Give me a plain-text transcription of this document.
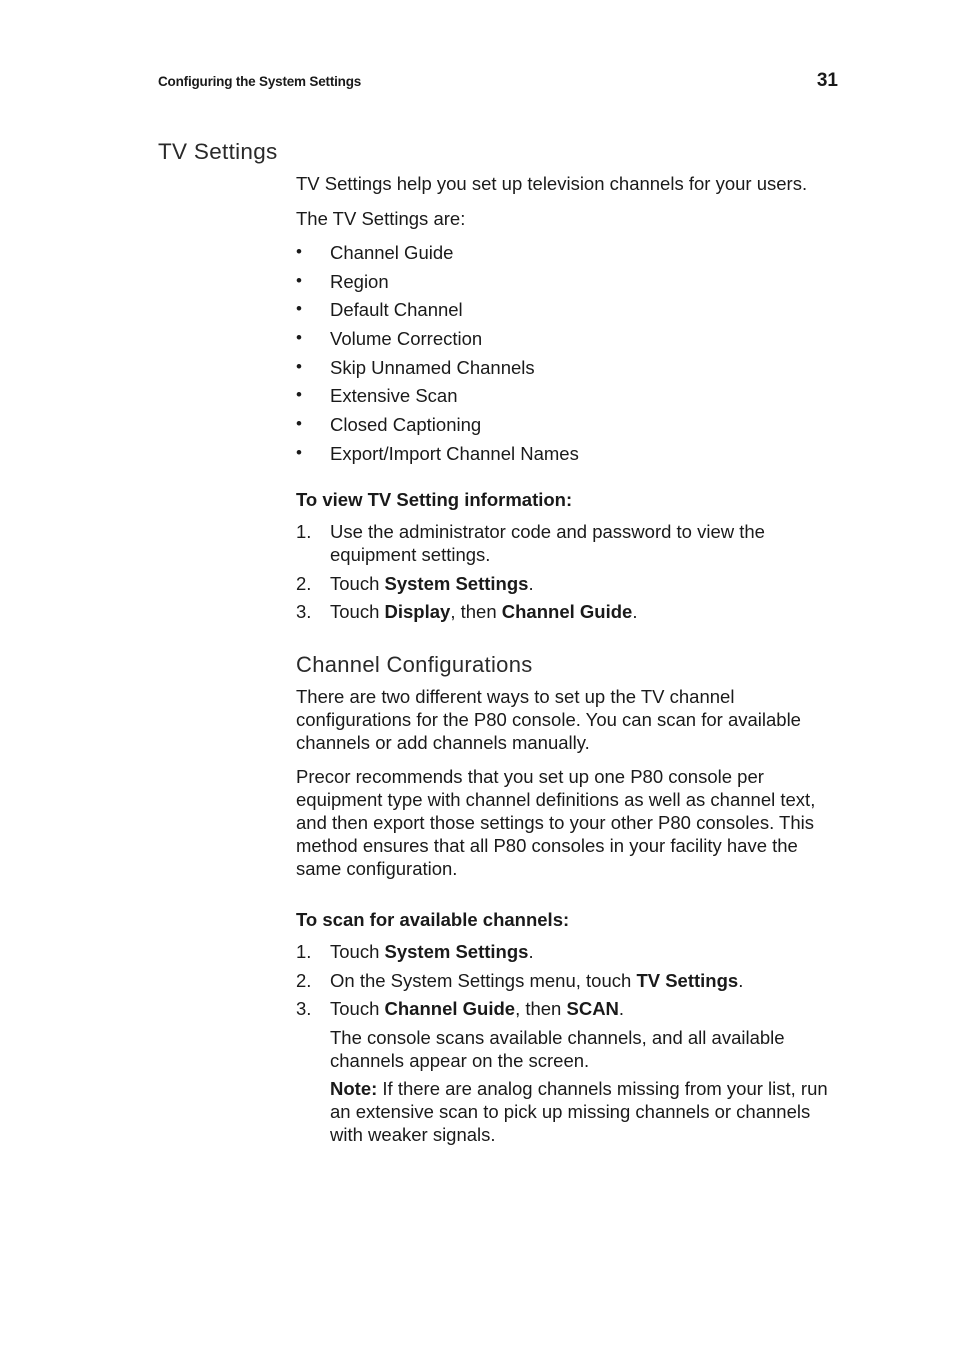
Configuring the System Settings	31
TV Settings

TV Settings help you set up television channels for your users.

The TV Settings are:

• Channel Guide
• Region
• Default Channel
• Volume Correction
• Skip Unnamed Channels
• Extensive Scan
• Closed Captioning
• Export/Import Channel Names
To view TV Setting information:
1. Use the administrator code and password to view the equipment settings.
2. Touch System Settings.
3. Touch Display, then Channel Guide.
Channel Configurations

There are two different ways to set up the TV channel configurations for the P80 console. You can scan for available channels or add channels manually.

Precor recommends that you set up one P80 console per equipment type with channel definitions as well as channel text, and then export those settings to your other P80 consoles. This method ensures that all P80 consoles in your facility have the same configuration.

To scan for available channels:
1. Touch System Settings.
2. On the System Settings menu, touch TV Settings.
3. Touch Channel Guide, then SCAN.
The console scans available channels, and all available channels appear on the screen.
Note: If there are analog channels missing from your list, run an extensive scan to pick up missing channels or channels with weaker signals.
